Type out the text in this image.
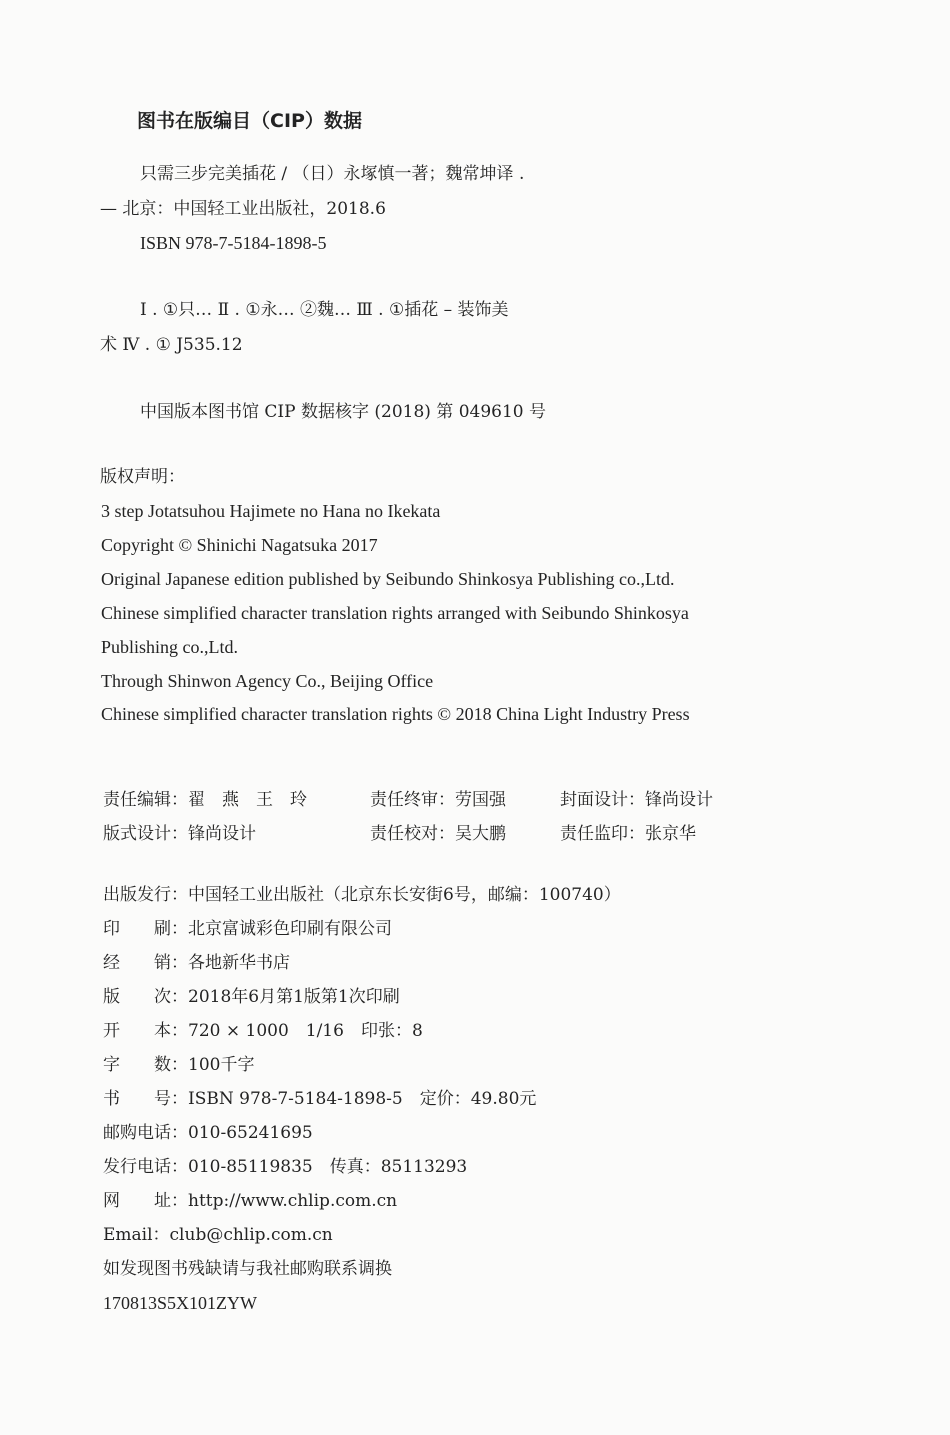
图书在版编目（CIP）数据
只需三步完美插花 / （日）永塚慎一著；魏常坤译 .
— 北京：中国轻工业出版社，2018.6
ISBN 978-7-5184-1898-5
Ⅰ . ①只… Ⅱ . ①永… ②魏… Ⅲ . ①插花 – 装饰美
术 Ⅳ . ① J535.12
中国版本图书馆 CIP 数据核字 (2018) 第 049610 号
版权声明：
3 step Jotatsuhou Hajimete no Hana no Ikekata
Copyright © Shinichi Nagatsuka 2017
Original Japanese edition published by Seibundo Shinkosya Publishing co.,Ltd.
Chinese simplified character translation rights arranged with Seibundo Shinkosya
Publishing co.,Ltd.
Through Shinwon Agency Co., Beijing Office
Chinese simplified character translation rights © 2018 China Light Industry Press
责任编辑：翟　燕　王　玲	责任终审：劳国强	封面设计：锋尚设计
版式设计：锋尚设计	责任校对：吴大鹏	责任监印：张京华
出版发行：中国轻工业出版社（北京东长安街6号，邮编：100740）
印　　刷：北京富诚彩色印刷有限公司
经　　销：各地新华书店
版　　次：2018年6月第1版第1次印刷
开　　本：720 × 1000　1/16　印张：8
字　　数：100千字
书　　号：ISBN 978-7-5184-1898-5　定价：49.80元
邮购电话：010-65241695
发行电话：010-85119835　传真：85113293
网　　址：http://www.chlip.com.cn
Email：club@chlip.com.cn
如发现图书残缺请与我社邮购联系调换
170813S5X101ZYW
